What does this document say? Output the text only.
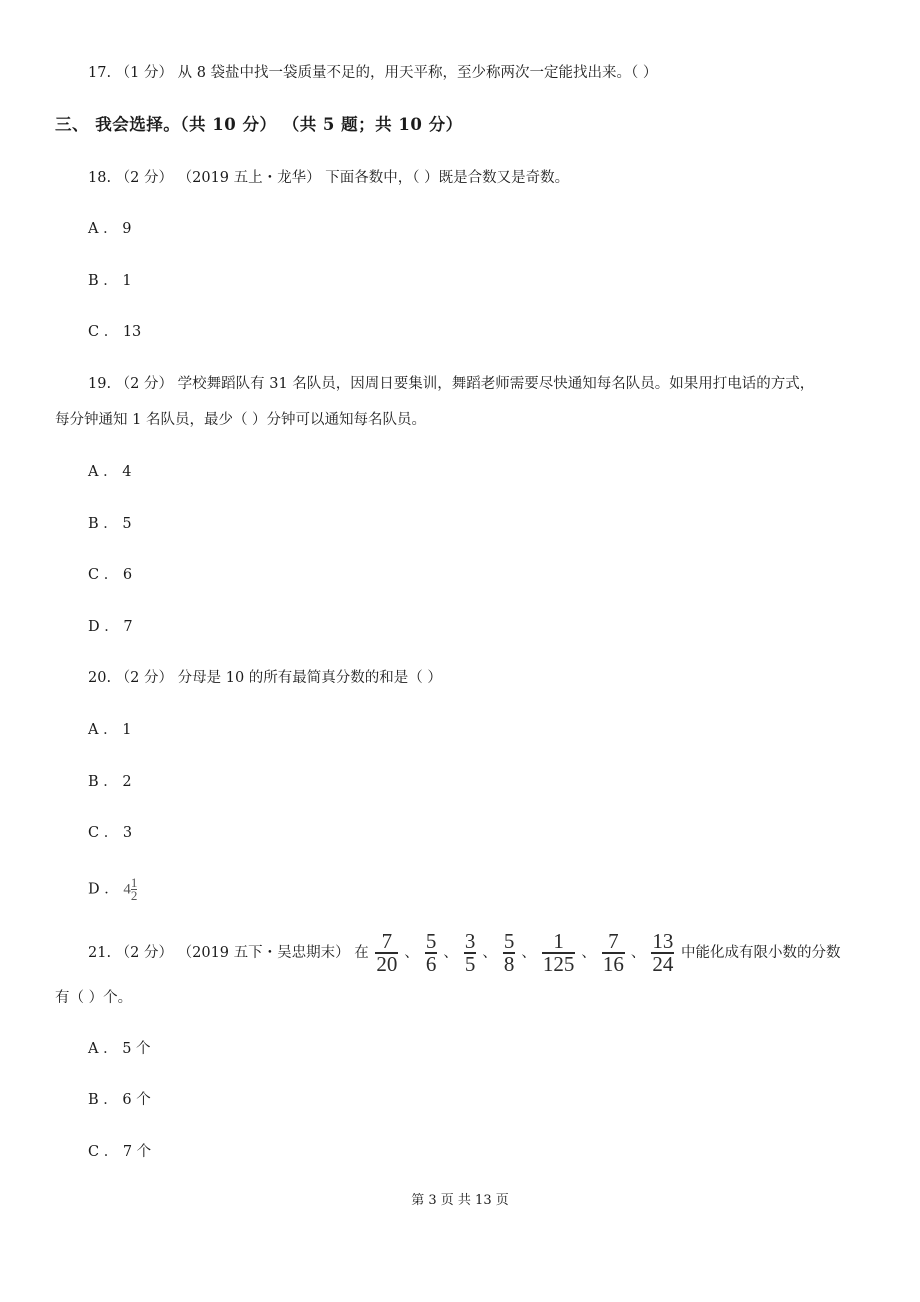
17. （1 分） 从 8 袋盐中找一袋质量不足的，用天平称，至少称两次一定能找出来。（ ）
三、 我会选择。（共 10 分） （共 5 题；共 10 分）
18. （2 分） （2019 五上・龙华） 下面各数中，（ ）既是合数又是奇数。
A ． 9
B ． 1
C ． 13
19. （2 分） 学校舞蹈队有 31 名队员，因周日要集训，舞蹈老师需要尽快通知每名队员。如果用打电话的方式，
每分钟通知 1 名队员，最少（ ）分钟可以通知每名队员。
A ． 4
B ． 5
C ． 6
D ． 7
20. （2 分） 分母是 10 的所有最简真分数的和是（ ）
A ． 1
B ． 2
C ． 3
D ． $4 \frac{1}{2}$
21. （2 分） （2019 五下・吴忠期末） 在 $\frac{7}{20}$ 、 $\frac{5}{6}$ 、 $\frac{3}{5}$ 、 $\frac{5}{8}$ 、 $\frac{1}{125}$ 、 $\frac{7}{16}$ 、 $\frac{13}{24}$ 中能化成有限小数的分数
有（ ）个。
A ． 5 个
B ． 6 个
C ． 7 个
第 3 页 共 13 页
